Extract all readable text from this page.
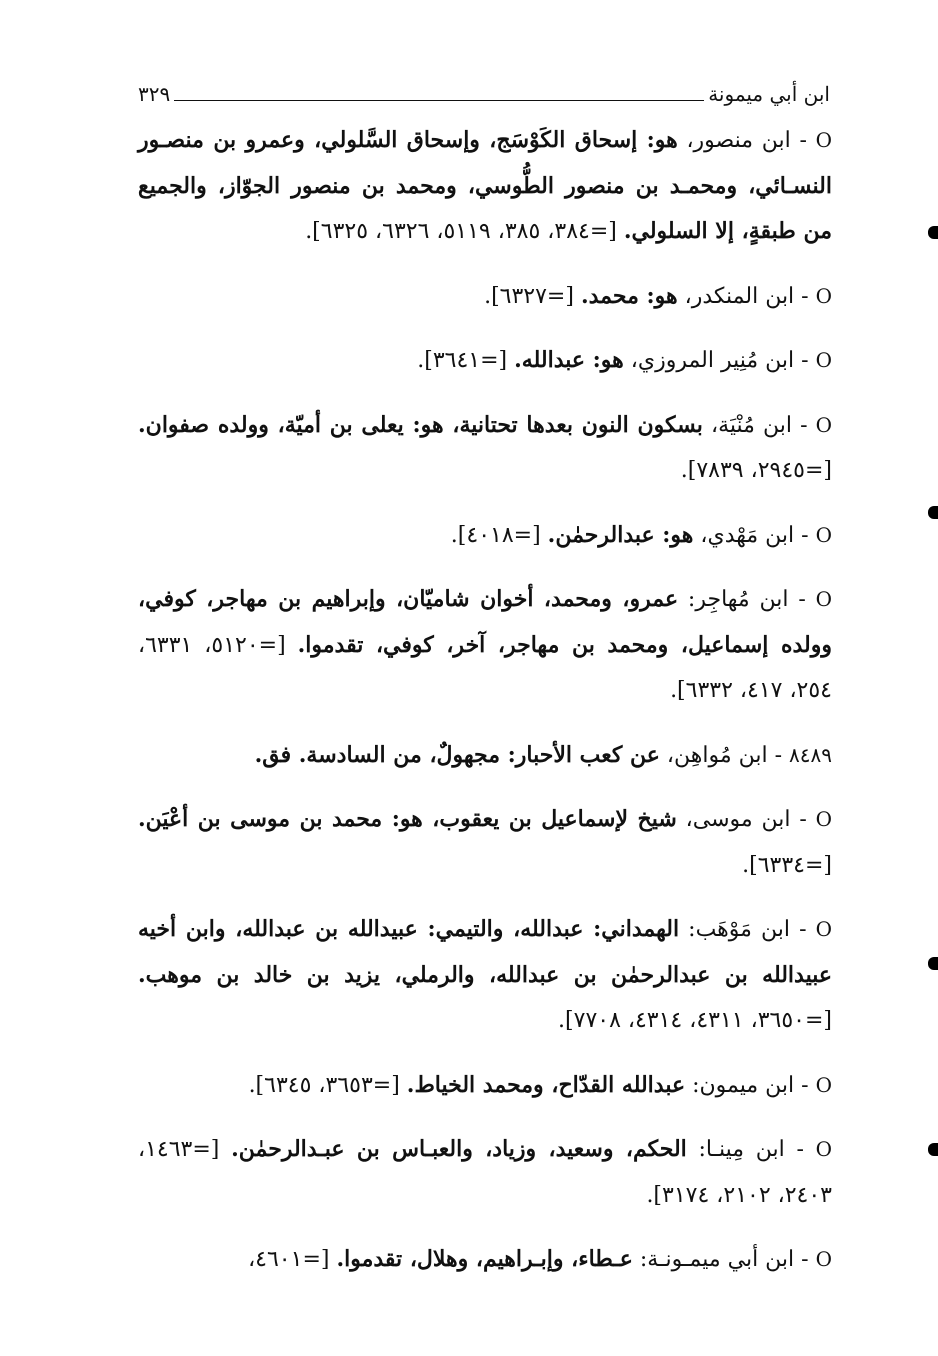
ابن أبي ميمونة
٣٢٩

O - ابن منصور، هو: إسحاق الكَوْسَج، وإسحاق السَّلولي، وعمرو بن منصـور النسـائي، ومحمـد بن منصور الطُّوسي، ومحمد بن منصور الجوّاز، والجميع من طبقةٍ، إلا السلولي. [=٣٨٤، ٣٨٥، ٥١١٩، ٦٣٢٦، ٦٣٢٥].

O - ابن المنكدر، هو: محمد. [=٦٣٢٧].

O - ابن مُنِير المروزي، هو: عبدالله. [=٣٦٤١].

O - ابن مُنْيَة، بسكون النون بعدها تحتانية، هو: يعلى بن أميّة، وولده صفوان. [=٢٩٤٥، ٧٨٣٩].

O - ابن مَهْدي، هو: عبدالرحمٰن. [=٤٠١٨].

O - ابن مُهاجِر: عمرو، ومحمد، أخوان شاميّان، وإبراهيم بن مهاجر، كوفي، وولده إسماعيل، ومحمد بن مهاجر، آخر، كوفي، تقدموا. [=٥١٢٠، ٦٣٣١، ٢٥٤، ٤١٧، ٦٣٣٢].

٨٤٨٩ - ابن مُواهِن، عن كعب الأحبار: مجهولٌ، من السادسة. فق.

O - ابن موسى، شيخ لإسماعيل بن يعقوب، هو: محمد بن موسى بن أعْيَن. [=٦٣٣٤].

O - ابن مَوْهَب: الهمداني: عبدالله، والتيمي: عبيدالله بن عبدالله، وابن أخيه عبيدالله بن عبدالرحمٰن بن عبدالله، والرملي، يزيد بن خالد بن موهب. [=٣٦٥٠، ٤٣١١، ٤٣١٤، ٧٧٠٨].

O - ابن ميمون: عبدالله القدّاح، ومحمد الخياط. [=٣٦٥٣، ٦٣٤٥].

O - ابن مِينـا: الحكم، وسعيد، وزياد، والعبـاس بن عبـدالرحمٰن. [=١٤٦٣، ٢٤٠٣، ٢١٠٢، ٣١٧٤].

O - ابن أبي ميمـونـة: عـطاء، وإبـراهيم، وهلال، تقدموا. [=٤٦٠١،
